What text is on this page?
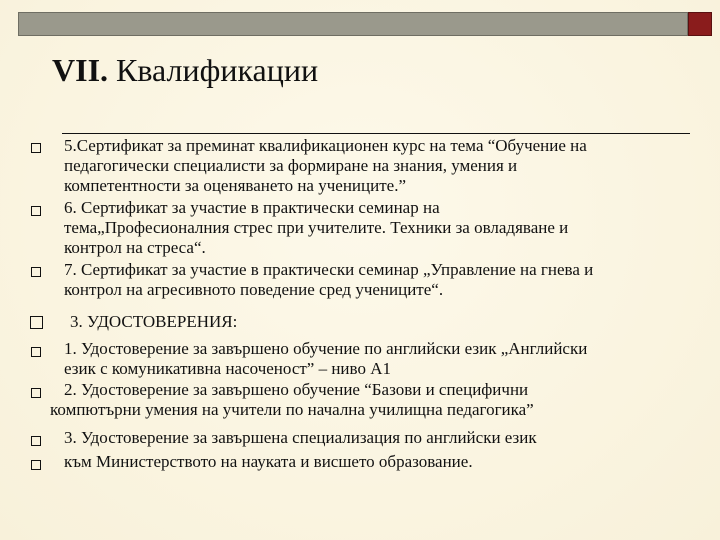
VII. Квалификации
5.Сертификат за преминат квалификационен курс на тема “Обучение на
педагогически специалисти за формиране на знания, умения и
компетентности за оценяването на учениците.”
6. Сертификат за участие в практически семинар на
тема„Професионалния стрес при учителите. Техники за овладяване и
контрол на стреса“.
7. Сертификат за участие в практически семинар „Управление на гнева и
контрол на агресивното поведение сред учениците“.
3. УДОСТОВЕРЕНИЯ:
1. Удостоверение за завършено обучение по английски език „Английски
език с комуникативна насоченост” – ниво А1
2. Удостоверение за завършено обучение “Базови и специфични
компютърни умения на учители по начална училищна педагогика”
3. Удостоверение за завършена специализация по английски език
към Министерството на науката и висшето образование.
